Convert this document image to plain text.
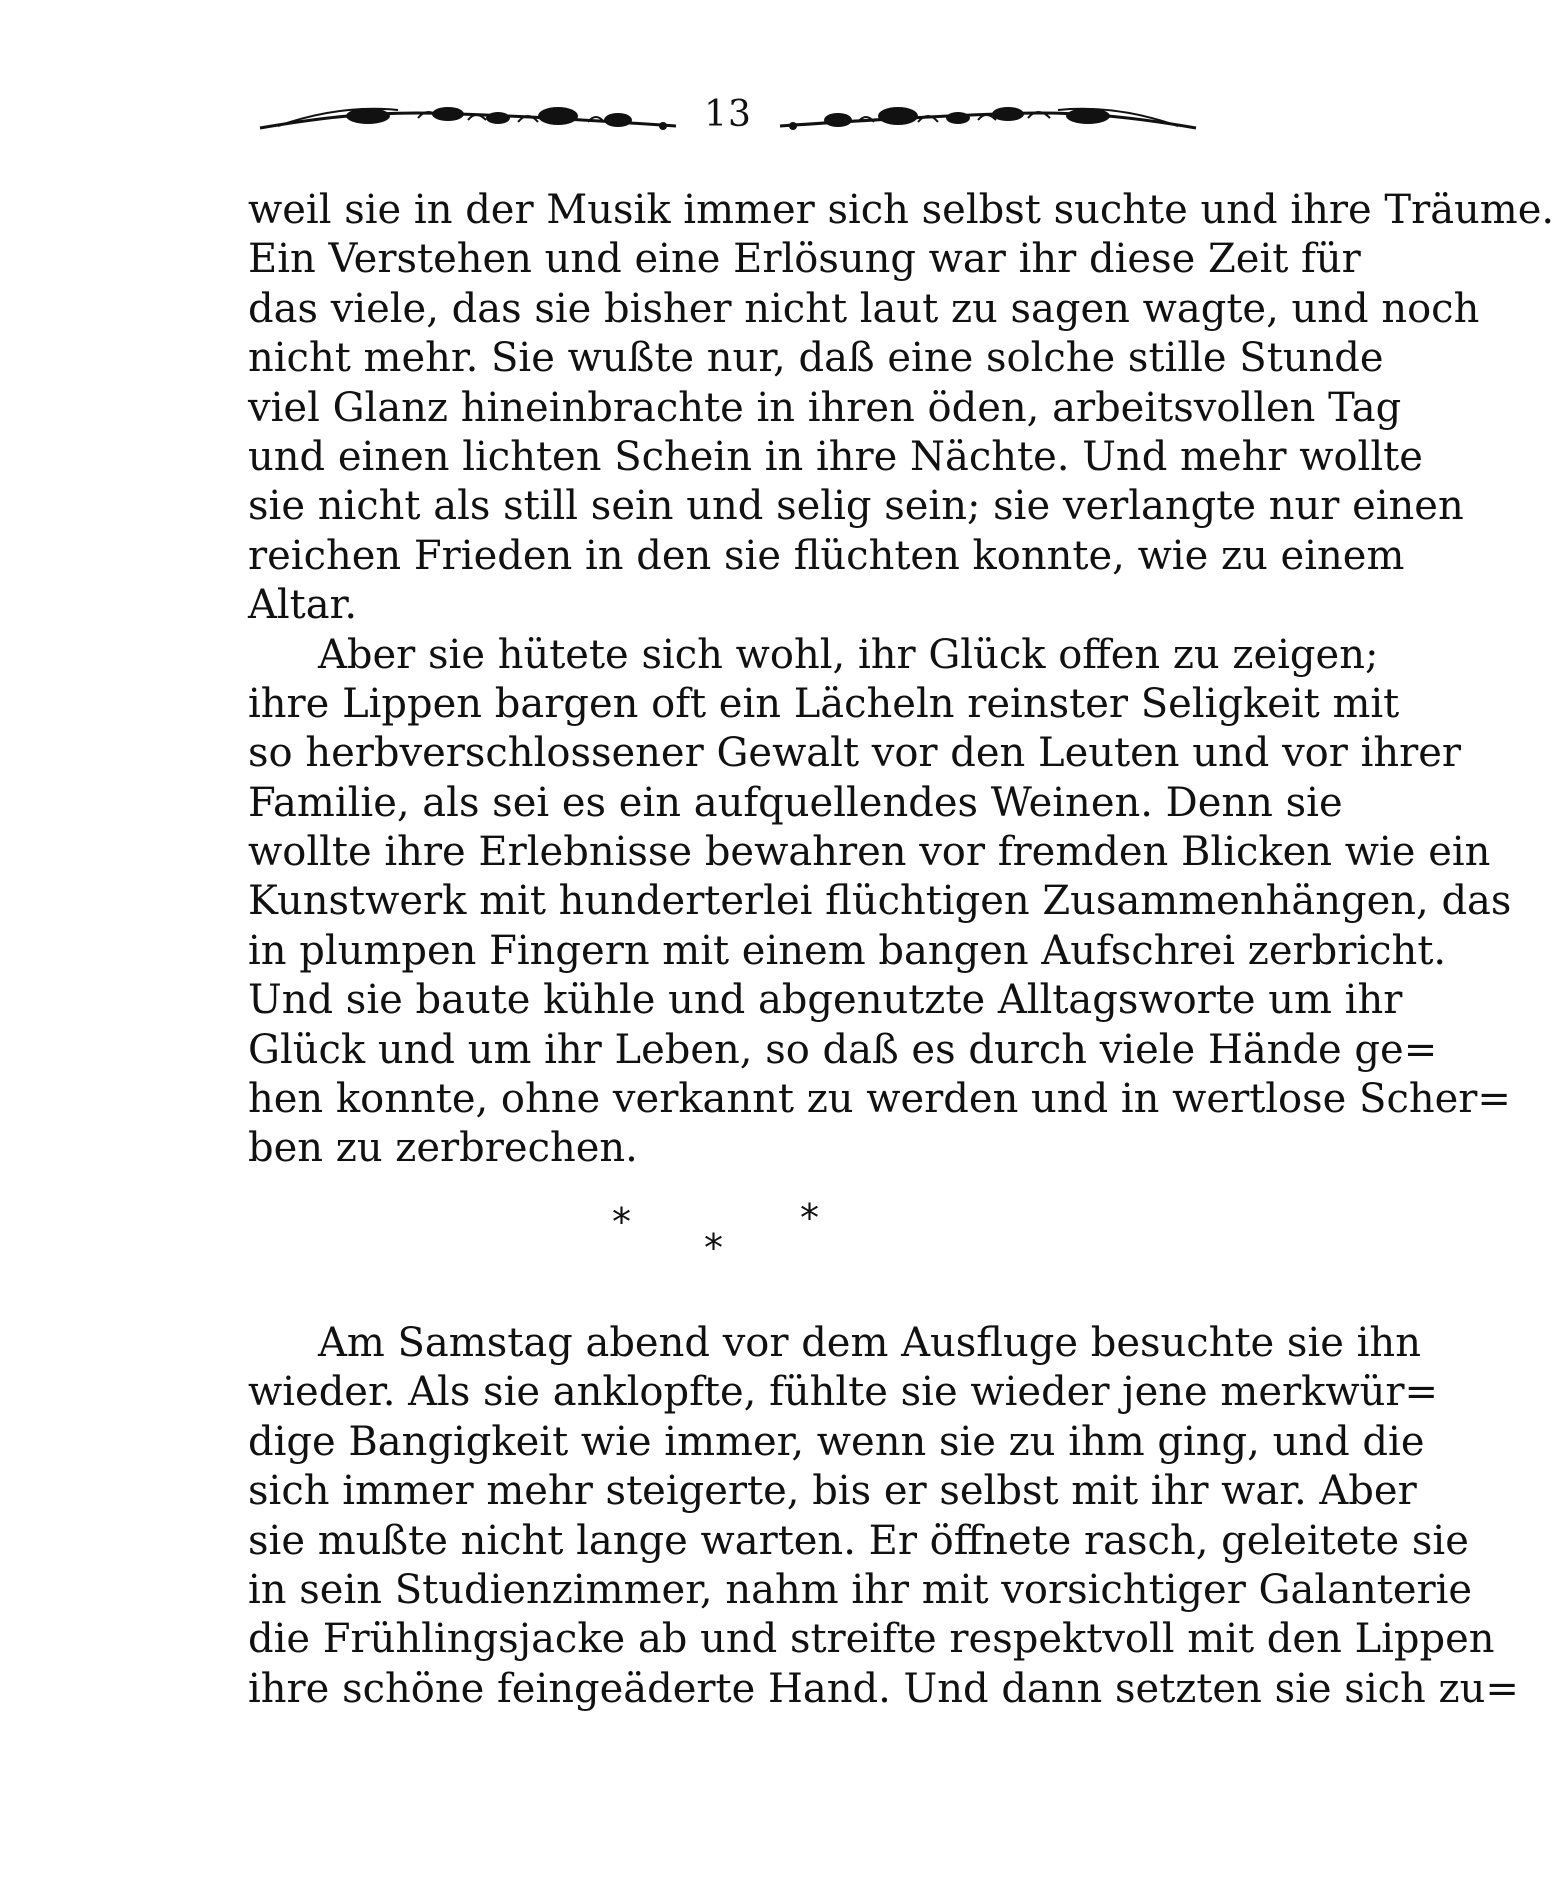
13
weil sie in der Musik immer sich selbst suchte und ihre Träume.
Ein Verstehen und eine Erlösung war ihr diese Zeit für
das viele, das sie bisher nicht laut zu sagen wagte, und noch
nicht mehr. Sie wußte nur, daß eine solche stille Stunde
viel Glanz hineinbrachte in ihren öden, arbeitsvollen Tag
und einen lichten Schein in ihre Nächte. Und mehr wollte
sie nicht als still sein und selig sein; sie verlangte nur einen
reichen Frieden in den sie flüchten konnte, wie zu einem
Altar.
Aber sie hütete sich wohl, ihr Glück offen zu zeigen;
ihre Lippen bargen oft ein Lächeln reinster Seligkeit mit
so herbverschlossener Gewalt vor den Leuten und vor ihrer
Familie, als sei es ein aufquellendes Weinen. Denn sie
wollte ihre Erlebnisse bewahren vor fremden Blicken wie ein
Kunstwerk mit hunderterlei flüchtigen Zusammenhängen, das
in plumpen Fingern mit einem bangen Aufschrei zerbricht.
Und sie baute kühle und abgenutzte Alltagsworte um ihr
Glück und um ihr Leben, so daß es durch viele Hände ge=
hen konnte, ohne verkannt zu werden und in wertlose Scher=
ben zu zerbrechen.
*
*
*
Am Samstag abend vor dem Ausfluge besuchte sie ihn
wieder. Als sie anklopfte, fühlte sie wieder jene merkwür=
dige Bangigkeit wie immer, wenn sie zu ihm ging, und die
sich immer mehr steigerte, bis er selbst mit ihr war. Aber
sie mußte nicht lange warten. Er öffnete rasch, geleitete sie
in sein Studienzimmer, nahm ihr mit vorsichtiger Galanterie
die Frühlingsjacke ab und streifte respektvoll mit den Lippen
ihre schöne feingeäderte Hand. Und dann setzten sie sich zu=
